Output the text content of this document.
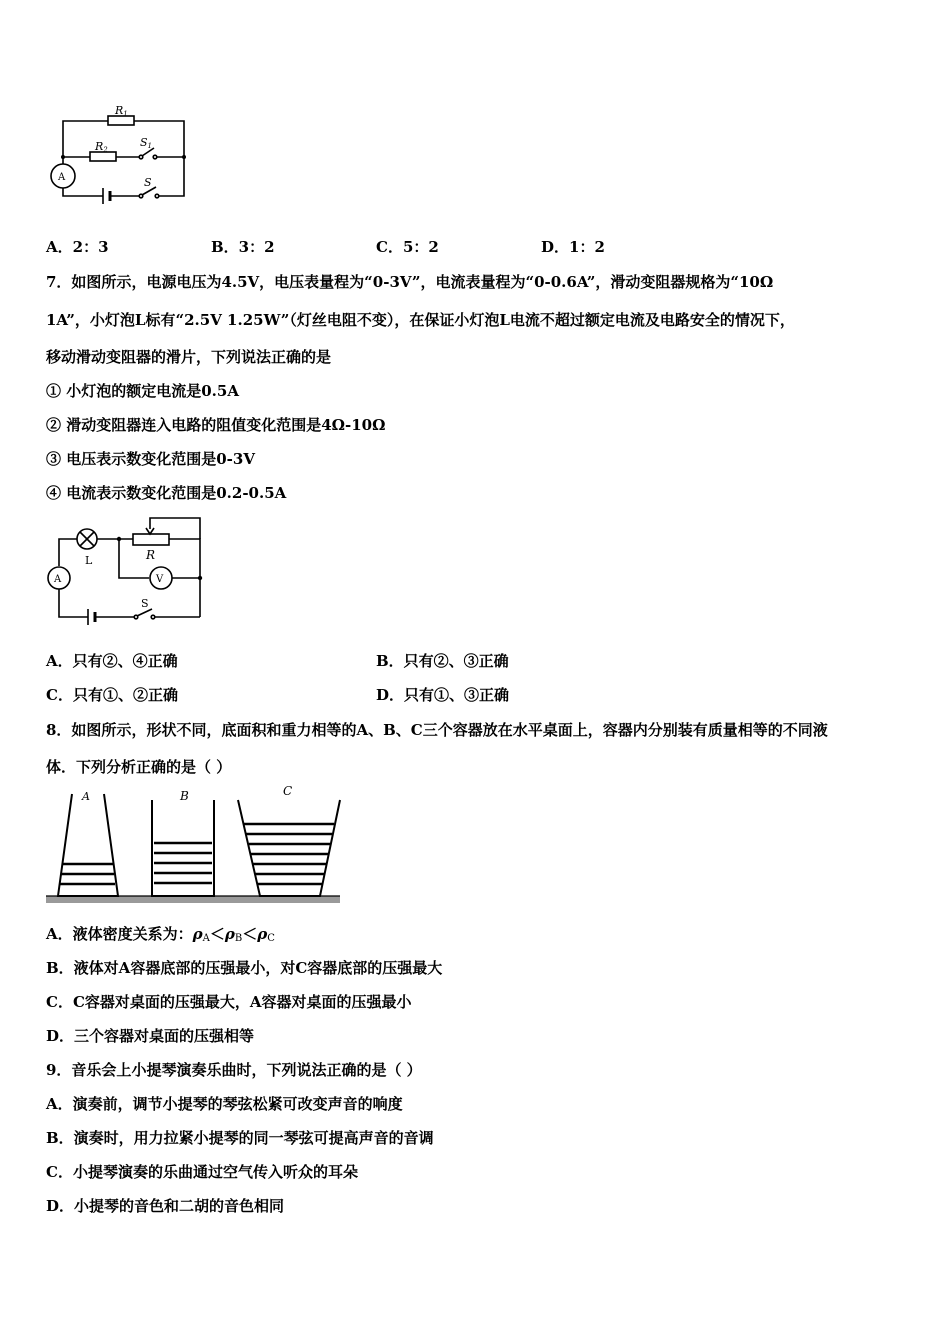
R1
R2
S1
S
A
A．2：3	B．3：2	C．5：2	D．1：2
7．如图所示，电源电压为4.5V，电压表量程为“0-3V”，电流表量程为“0-0.6A”，滑动变阻器规格为“10Ω
1A”，小灯泡L标有“2.5V 1.25W”（灯丝电阻不变），在保证小灯泡L电流不超过额定电流及电路安全的情况下，
移动滑动变阻器的滑片，下列说法正确的是
① 小灯泡的额定电流是0.5A
② 滑动变阻器连入电路的阻值变化范围是4Ω-10Ω
③ 电压表示数变化范围是0-3V
④ 电流表示数变化范围是0.2-0.5A
L	R
V
A
S
A．只有②、④正确	B．只有②、③正确
C．只有①、②正确	D．只有①、③正确
8．如图所示，形状不同，底面积和重力相等的A、B、C三个容器放在水平桌面上，容器内分别装有质量相等的不同液
体．下列分析正确的是（ ）
A	B	C
A．液体密度关系为：$\rho_A<\rho_B<\rho_C$
B．液体对A容器底部的压强最小，对C容器底部的压强最大
C．C容器对桌面的压强最大，A容器对桌面的压强最小
D．三个容器对桌面的压强相等
9．音乐会上小提琴演奏乐曲时，下列说法正确的是（ ）
A．演奏前，调节小提琴的琴弦松紧可改变声音的响度
B．演奏时，用力拉紧小提琴的同一琴弦可提高声音的音调
C．小提琴演奏的乐曲通过空气传入听众的耳朵
D．小提琴的音色和二胡的音色相同
